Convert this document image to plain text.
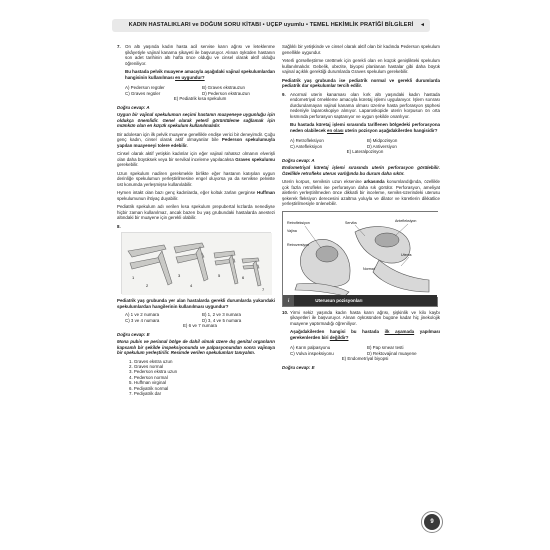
KADIN HASTALIKLARI ve DOĞUM SORU KİTABI • UÇEP uyumlu • TEMEL HEKİMLİK PRATİĞİ BİLGİLERİ ◂
7. On altı yaşında kadın hasta acil servise karın ağrısı ve leteklenme şikâyetiyle vajinal kanama şikayeti ile başvuruyor. Alınan öyküden hastanın son adet tarihinin altı hafta önce olduğu ve cinsel olarak aktif olduğu öğreniliyor.
Bu hastada pelvik muayene amacıyla aşağıdaki vajinal spekulumlardan hangisinin kullanılması en uygundur?
A) Pederson regüler	B) Graves ekstrauzun
C) Graves regüler	D) Pederson ekstrauzun
E) Pediatrik kısa spekulum
Doğru cevap: A
Uygun bir vajinal spekulumun seçimi hastanın muayeneye uygunluğu için oldukça önemlidir. Genel olarak yeterli görüntüleme sağlamak için mümkün olan en küçük spekulum kullanılmalıdır.
Bir adolesan için ilk pelvik muayene genellikle endişe verici bir deneyimdir. Çoğu genç kadın, cinsel olarak aktif olmayanlar bile Pederson spekulumuyla yapılan muayeneyi tolere edebilir.
Cinsel olarak aktif yetişkin kadınlar için eğer vajinal rahatsız olmanın elverişli olan daha büyüksek veya bir servikal inceleme yapılacaksa Graves spekulumu gerekebilir.
Uzun spekulum nadiren gerekmekle birlikte eğer hastanın katışılan uygun derinliğe spekulumun yerleştirilmesine engel oluyorsa ya da servikse pelviste üst konumda yerleşmişse kullanılabilir.
Hymen intakt olan bazı genç kadınlarda, eğer koltuk zarları gerginse Huffman spekulumunun ihtiyaç duyabilir.
Pediatrik spekulum adı verilen kısa spekulum prepubertal kızlarda nenediyse hiçbir zaman kullanılmaz, ancak bazen bu yaş grubundaki hastalarda anestezi altındaki bir muayene için gerekli olabilir.
8.
1
2
3
4
5	6
7
Pediatrik yaş grubunda yer alan hastalarda gerekli durumlarda yukarıdaki spekulumlardan hangilerinin kullanılması uygundur?
A) 1 ve 2 numara	B) 1, 2 ve 3 numara
C) 3 ve 4 numara	D) 3, 4 ve 5 numara
E) 6 ve 7 numara
Doğru cevap: E
Mona pubis ve perianal bölge de dahil olmak üzere dış genital organların kapsamlı bir şekilde inspeksiyonunda ve palpasyonundan sonra vajinaya bir spekulum yerleştirilir. Resimde verilen spekulumları tanıyalım.
1. Graves ekstra uzun
2. Graves normal
3. Pederson ekstra uzun
4. Pederson normal
5. Huffman virginal
6. Pediyatrik normal
7. Pediyatrik dar
Sağlıklı bir yetişkinde ve cinsel olarak aktif olan bir kadında Pederson spekulum genellikle uygundur.
Yeterli görselleştirme ürettmek için gerekli olan en küçük genişlikteki spekulum kullanılmalıdır. Gebelik, obezite, biyopsi planlanan hastalar gibi daha büyük vajinal açıklık gerektiği durumlarda Graves spekulum gerekebilir.
Pediatrik yaş grubunda ise pediatrik normal ve gerekli durumlarda pediatrik dar spekulumlar tercih edilir.
9. Anormal uterin kanaması olan kırk altı yaşındaki kadın hastada endometriyal örnekleme amacıyla küretaj işlemi uygulanıyor. İşlem sonrası durdurulamayan vajinal kanama olması üzerine hasta perforasyon şüphesi nedeniyle laparoskopiye alınıyor. Laparoskopide uterin korpusun ön orta kısmında perforasyon saptanıyor ve uygun şekilde onarılıyor.
Bu hastada küretaj işlemi sırasında tariflenen bölgedeki perforasyona neden olabilecek en olası uterin pozisyon aşağıdakilerden hangisidir?
A) Retrofleksiyon	B) Midpozisyon
C) Antefleksiyon	D) Antiversiyon
E) Lateralpozisyon
Doğru cevap: A
Endometriyal küretaj işlemi sırasında uterin perforasyon görülebilir. Özellikle retrofleks uterus varlığında bu durum daha sıktır.
Uterin korpus, serviksin uzun eksenine arkasında konumlandığında, özellikle çok fazla retrofleks ise perforasyon daha sık görülür. Perforasyon, ameliyat aletlerin yerleştirilmeden önce dikkatli bir inceleme, serviks-üzerindeki uterusu şekerek fleksiyon derecesini azaltma yoluyla ve dilator ve küretlerin dikkatlice yerleştirilmesiyle önlenebilir.
Retrofleksiyon	Serviks
Vajina
Antefleksiyon
Uterus
Retroversiyon
Normal
i	Uterusun pozisyonları
10. Yirmi sekiz yaşında kadın hasta karın ağrısı, şişkinlik ve kilo kaybı şikayetleri ile başvuruyor. Alınan öyküsünden bugüne kadar hiç jinekolojik muayene yaptırmadığı öğreniliyor.
Aşağıdakilerden hangisi bu hastada ilk aşamada yapılması gerekenlerden biri değildir?
A) Karın palpasyonu	B) Pap smear testi
C) Vulva inspeksiyonu	D) Rektovajinal muayene
E) Endometriyal biyopsi
Doğru cevap: E
9
